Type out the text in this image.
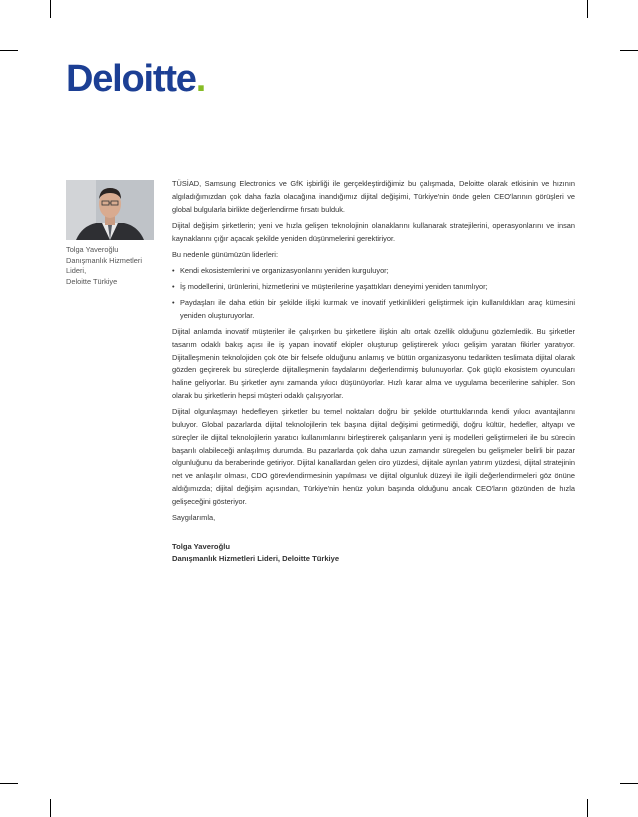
Deloitte.
Tolga Yaveroğlu
Danışmanlık Hizmetleri Lideri,
Deloitte Türkiye

TÜSİAD, Samsung Electronics ve GfK işbirliği ile gerçekleştirdiğimiz bu çalışmada, Deloitte olarak etkisinin ve hızının algıladığımızdan çok daha fazla olacağına inandığımız dijital değişimi, Türkiye'nin önde gelen CEO'larının görüşleri ve global bulgularla birlikte değerlendirme fırsatı bulduk.

Dijital değişim şirketlerin; yeni ve hızla gelişen teknolojinin olanaklarını kullanarak stratejilerini, operasyonlarını ve insan kaynaklarını çığır açacak şekilde yeniden düşünmelerini gerektiriyor.

Bu nedenle günümüzün liderleri:

• Kendi ekosistemlerini ve organizasyonlarını yeniden kurguluyor;
• İş modellerini, ürünlerini, hizmetlerini ve müşterilerine yaşattıkları deneyimi yeniden tanımlıyor;
• Paydaşları ile daha etkin bir şekilde ilişki kurmak ve inovatif yetkinlikleri geliştirmek için kullanıldıkları araç kümesini yeniden oluşturuyorlar.

Dijital anlamda inovatif müşteriler ile çalışırken bu şirketlere ilişkin altı ortak özellik olduğunu gözlemledik. Bu şirketler tasarım odaklı bakış açısı ile iş yapan inovatif ekipler oluşturup geliştirerek yıkıcı gelişim yaratan fikirler yaratıyor. Dijitalleşmenin teknolojiden çok öte bir felsefe olduğunu anlamış ve bütün organizasyonu tedarikten teslimata dijital olarak gözden geçirerek bu süreçlerde dijitalleşmenin faydalarını değerlendirmiş bulunuyorlar. Çok güçlü ekosistem oyuncuları haline geliyorlar. Bu şirketler aynı zamanda yıkıcı düşünüyorlar. Hızlı karar alma ve uygulama becerilerine sahipler. Son olarak bu şirketlerin hepsi müşteri odaklı çalışıyorlar.

Dijital olgunlaşmayı hedefleyen şirketler bu temel noktaları doğru bir şekilde oturttuklarında kendi yıkıcı avantajlarını buluyor. Global pazarlarda dijital teknolojilerin tek başına dijital değişimi getirmediği, doğru kültür, hedefler, altyapı ve süreçler ile dijital teknolojilerin yaratıcı kullanımlarını birleştirerek çalışanların yeni iş modelleri geliştirmeleri ile bu sürecin başarılı olabileceği anlaşılmış durumda. Bu pazarlarda çok daha uzun zamandır süregelen bu gelişmeler belirli bir pazar olgunluğunu da beraberinde getiriyor. Dijital kanallardan gelen ciro yüzdesi, dijitale ayrılan yatırım yüzdesi, dijital stratejinin net ve anlaşılır olması, CDO görevlendirmesinin yapılması ve dijital olgunluk düzeyi ile ilgili değerlendirmeleri göz önüne aldığımızda; dijital değişim açısından, Türkiye'nin henüz yolun başında olduğunu ancak CEO'ların gözünden de hızla gelişeceğini gösteriyor.

Saygılarımla,

Tolga Yaveroğlu
Danışmanlık Hizmetleri Lideri, Deloitte Türkiye
